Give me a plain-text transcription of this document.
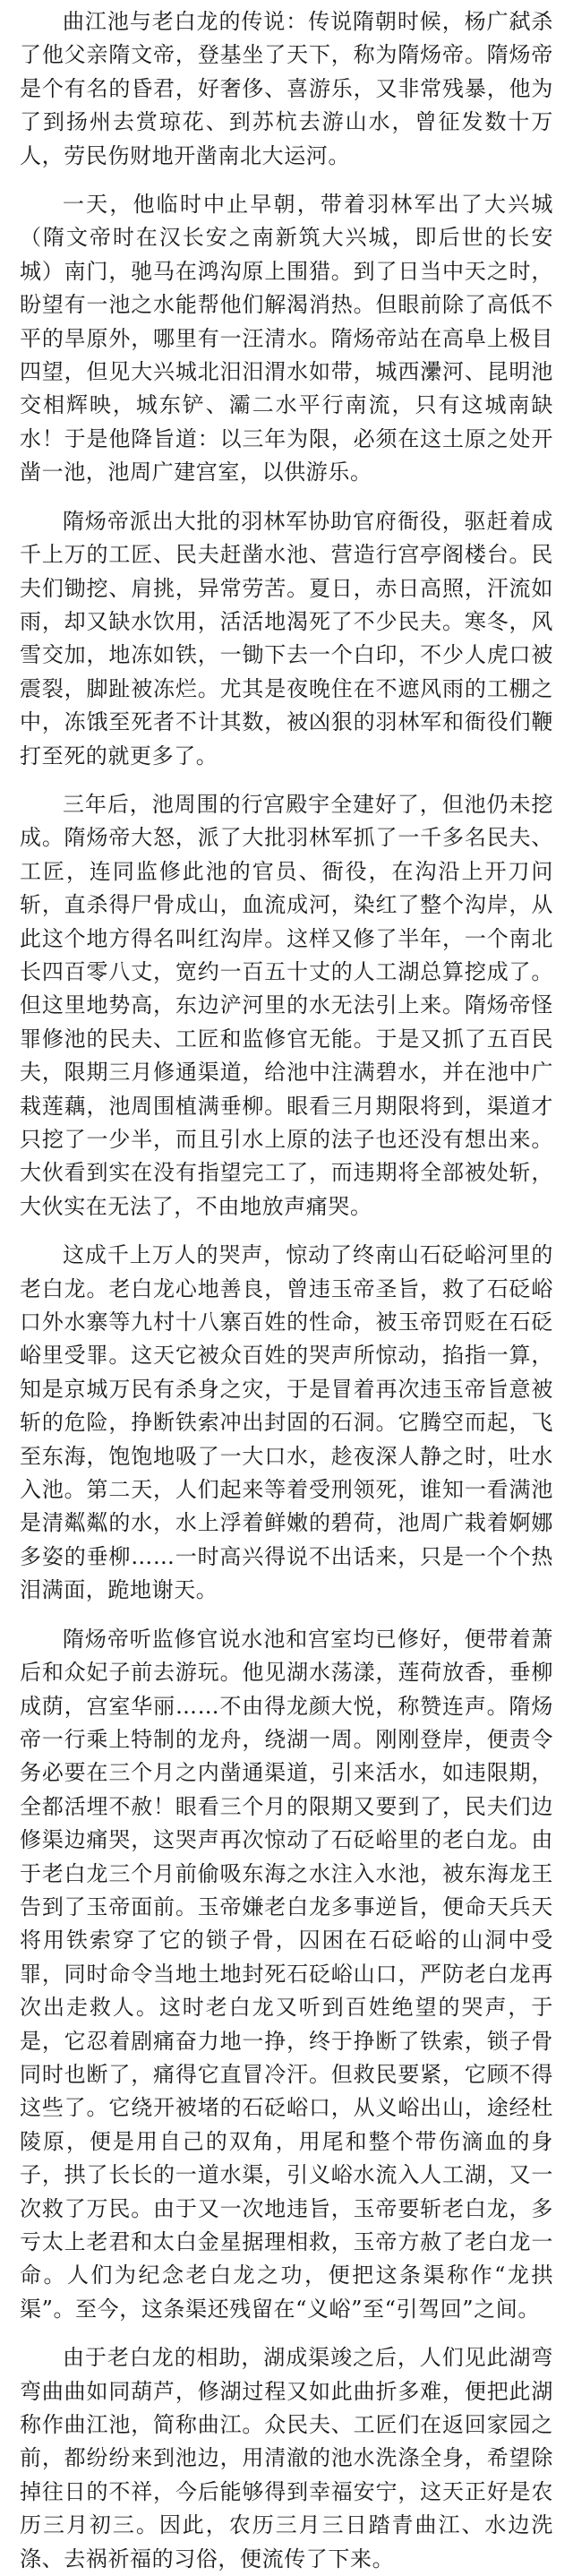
曲江池与老白龙的传说：传说隋朝时候，杨广弑杀了他父亲隋文帝，登基坐了天下，称为隋炀帝。隋炀帝是个有名的昏君，好奢侈、喜游乐，又非常残暴，他为了到扬州去赏琼花、到苏杭去游山水，曾征发数十万人，劳民伤财地开凿南北大运河。

一天，他临时中止早朝，带着羽林军出了大兴城（隋文帝时在汉长安之南新筑大兴城，即后世的长安城）南门，驰马在鸿沟原上围猎。到了日当中天之时，盼望有一池之水能帮他们解渴消热。但眼前除了高低不平的旱原外，哪里有一汪清水。隋炀帝站在高阜上极目四望，但见大兴城北汨汨渭水如带，城西㶟河、昆明池交相辉映，城东铲、灞二水平行南流，只有这城南缺水！于是他降旨道：以三年为限，必须在这土原之处开凿一池，池周广建宫室，以供游乐。

隋炀帝派出大批的羽林军协助官府衙役，驱赶着成千上万的工匠、民夫赶凿水池、营造行宫亭阁楼台。民夫们锄挖、肩挑，异常劳苦。夏日，赤日高照，汗流如雨，却又缺水饮用，活活地渴死了不少民夫。寒冬，风雪交加，地冻如铁，一锄下去一个白印，不少人虎口被震裂，脚趾被冻烂。尤其是夜晚住在不遮风雨的工棚之中，冻饿至死者不计其数，被凶狠的羽林军和衙役们鞭打至死的就更多了。

三年后，池周围的行宫殿宇全建好了，但池仍未挖成。隋炀帝大怒，派了大批羽林军抓了一千多名民夫、工匠，连同监修此池的官员、衙役，在沟沿上开刀问斩，直杀得尸骨成山，血流成河，染红了整个沟岸，从此这个地方得名叫红沟岸。这样又修了半年，一个南北长四百零八丈，宽约一百五十丈的人工湖总算挖成了。但这里地势高，东边浐河里的水无法引上来。隋炀帝怪罪修池的民夫、工匠和监修官无能。于是又抓了五百民夫，限期三月修通渠道，给池中注满碧水，并在池中广栽莲藕，池周围植满垂柳。眼看三月期限将到，渠道才只挖了一少半，而且引水上原的法子也还没有想出来。大伙看到实在没有指望完工了，而违期将全部被处斩，大伙实在无法了，不由地放声痛哭。

这成千上万人的哭声，惊动了终南山石砭峪河里的老白龙。老白龙心地善良，曾违玉帝圣旨，救了石砭峪口外水寨等九村十八寨百姓的性命，被玉帝罚贬在石砭峪里受罪。这天它被众百姓的哭声所惊动，掐指一算，知是京城万民有杀身之灾，于是冒着再次违玉帝旨意被斩的危险，挣断铁索冲出封固的石洞。它腾空而起，飞至东海，饱饱地吸了一大口水，趁夜深人静之时，吐水入池。第二天，人们起来等着受刑领死，谁知一看满池是清粼粼的水，水上浮着鲜嫩的碧荷，池周广栽着婀娜多姿的垂柳……一时高兴得说不出话来，只是一个个热泪满面，跪地谢天。

隋炀帝听监修官说水池和宫室均已修好，便带着萧后和众妃子前去游玩。他见湖水荡漾，莲荷放香，垂柳成荫，宫室华丽……不由得龙颜大悦，称赞连声。隋炀帝一行乘上特制的龙舟，绕湖一周。刚刚登岸，便责令务必要在三个月之内凿通渠道，引来活水，如违限期，全都活埋不赦！眼看三个月的限期又要到了，民夫们边修渠边痛哭，这哭声再次惊动了石砭峪里的老白龙。由于老白龙三个月前偷吸东海之水注入水池，被东海龙王告到了玉帝面前。玉帝嫌老白龙多事逆旨，便命天兵天将用铁索穿了它的锁子骨，囚困在石砭峪的山洞中受罪，同时命令当地土地封死石砭峪山口，严防老白龙再次出走救人。这时老白龙又听到百姓绝望的哭声，于是，它忍着剧痛奋力地一挣，终于挣断了铁索，锁子骨同时也断了，痛得它直冒冷汗。但救民要紧，它顾不得这些了。它绕开被堵的石砭峪口，从义峪出山，途经杜陵原，便是用自己的双角，用尾和整个带伤滴血的身子，拱了长长的一道水渠，引义峪水流入人工湖，又一次救了万民。由于又一次地违旨，玉帝要斩老白龙，多亏太上老君和太白金星据理相救，玉帝方赦了老白龙一命。人们为纪念老白龙之功，便把这条渠称作“龙拱渠”。至今，这条渠还残留在“义峪”至“引驾回”之间。

由于老白龙的相助，湖成渠竣之后，人们见此湖弯弯曲曲如同葫芦，修湖过程又如此曲折多难，便把此湖称作曲江池，简称曲江。众民夫、工匠们在返回家园之前，都纷纷来到池边，用清澈的池水洗涤全身，希望除掉往日的不祥，今后能够得到幸福安宁，这天正好是农历三月初三。因此，农历三月三日踏青曲江、水边洗涤、去祸祈福的习俗，便流传了下来。
